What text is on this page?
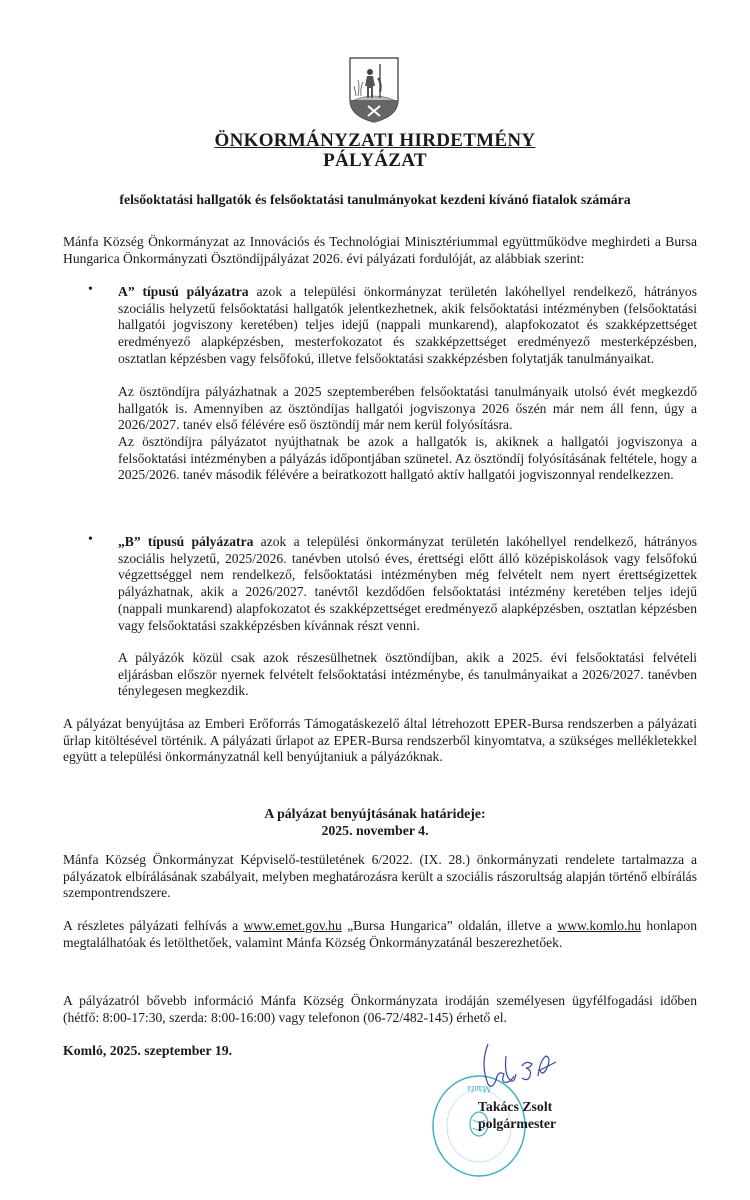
ÖNKORMÁNYZATI HIRDETMÉNY
PÁLYÁZAT
felsőoktatási hallgatók és felsőoktatási tanulmányokat kezdeni kívánó fiatalok számára
Mánfa Község Önkormányzat az Innovációs és Technológiai Minisztériummal együttműködve meghirdeti a Bursa Hungarica Önkormányzati Ösztöndíjpályázat 2026. évi pályázati fordulóját, az alábbiak szerint:
• A” típusú pályázatra azok a települési önkormányzat területén lakóhellyel rendelkező, hátrányos szociális helyzetű felsőoktatási hallgatók jelentkezhetnek, akik felsőoktatási intézményben (felsőoktatási hallgatói jogviszony keretében) teljes idejű (nappali munkarend), alapfokozatot és szakképzettséget eredményező alapképzésben, mesterfokozatot és szakképzettséget eredményező mesterképzésben, osztatlan képzésben vagy felsőfokú, illetve felsőoktatási szakképzésben folytatják tanulmányaikat.
Az ösztöndíjra pályázhatnak a 2025 szeptemberében felsőoktatási tanulmányaik utolsó évét megkezdő hallgatók is. Amennyiben az ösztöndíjas hallgatói jogviszonya 2026 őszén már nem áll fenn, úgy a 2026/2027. tanév első félévére eső ösztöndíj már nem kerül folyósításra.
Az ösztöndíjra pályázatot nyújthatnak be azok a hallgatók is, akiknek a hallgatói jogviszonya a felsőoktatási intézményben a pályázás időpontjában szünetel. Az ösztöndíj folyósításának feltétele, hogy a 2025/2026. tanév második félévére a beiratkozott hallgató aktív hallgatói jogviszonnyal rendelkezzen.
• „B” típusú pályázatra azok a települési önkormányzat területén lakóhellyel rendelkező, hátrányos szociális helyzetű, 2025/2026. tanévben utolsó éves, érettségi előtt álló középiskolások vagy felsőfokú végzettséggel nem rendelkező, felsőoktatási intézményben még felvételt nem nyert érettségizettek pályázhatnak, akik a 2026/2027. tanévtől kezdődően felsőoktatási intézmény keretében teljes idejű (nappali munkarend) alapfokozatot és szakképzettséget eredményező alapképzésben, osztatlan képzésben vagy felsőoktatási szakképzésben kívánnak részt venni.
A pályázók közül csak azok részesülhetnek ösztöndíjban, akik a 2025. évi felsőoktatási felvételi eljárásban először nyernek felvételt felsőoktatási intézménybe, és tanulmányaikat a 2026/2027. tanévben ténylegesen megkezdik.
A pályázat benyújtása az Emberi Erőforrás Támogatáskezelő által létrehozott EPER-Bursa rendszerben a pályázati űrlap kitöltésével történik. A pályázati űrlapot az EPER-Bursa rendszerből kinyomtatva, a szükséges mellékletekkel együtt a települési önkormányzatnál kell benyújtaniuk a pályázóknak.
A pályázat benyújtásának határideje:
2025. november 4.
Mánfa Község Önkormányzat Képviselő-testületének 6/2022. (IX. 28.) önkormányzati rendelete tartalmazza a pályázatok elbírálásának szabályait, melyben meghatározásra került a szociális rászorultság alapján történő elbírálás szempontrendszere.
A részletes pályázati felhívás a www.emet.gov.hu „Bursa Hungarica” oldalán, illetve a www.komlo.hu honlapon megtalálhatóak és letölthetőek, valamint Mánfa Község Önkormányzatánál beszerezhetőek.
A pályázatról bővebb információ Mánfa Község Önkormányzata irodáján személyesen ügyfélfogadási időben (hétfő: 8:00-17:30, szerda: 8:00-16:00) vagy telefonon (06-72/482-145) érhető el.
Komló, 2025. szeptember 19.
Mánfa
Takács Zsolt
polgármester
